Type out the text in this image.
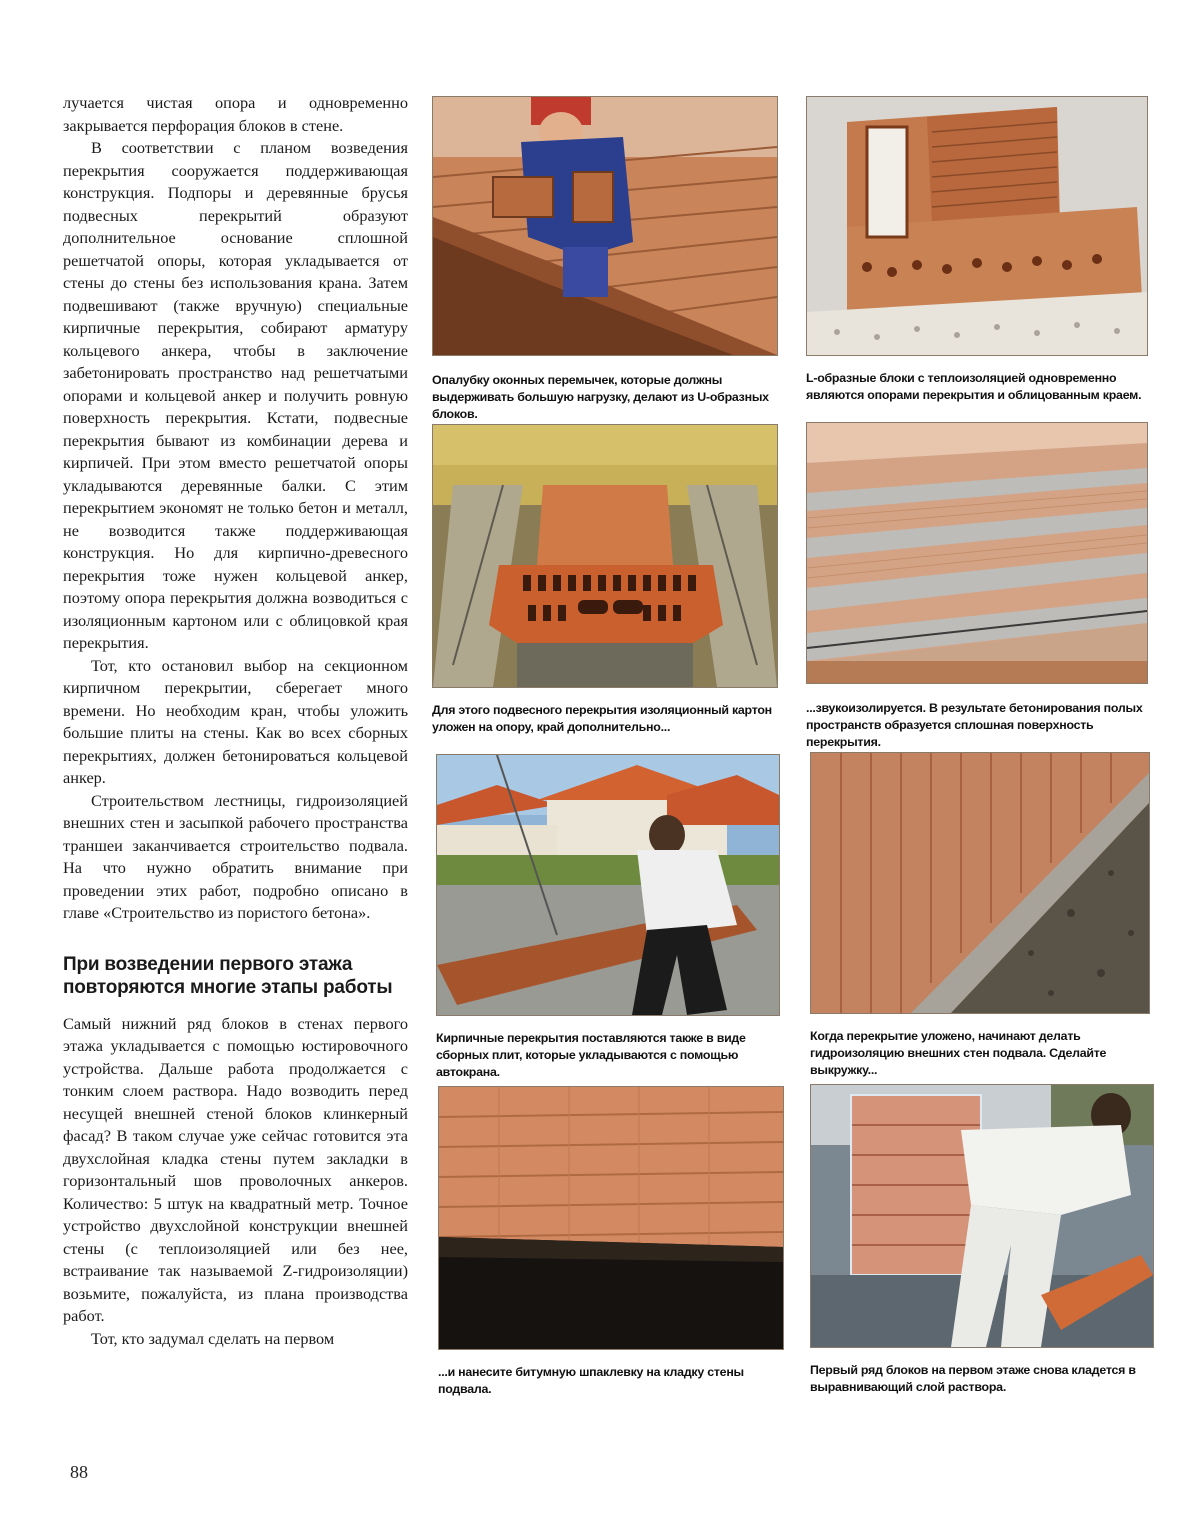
лучается чистая опора и одновременно закрывается перфорация блоков в стене.

В соответствии с планом возведения перекрытия сооружается поддерживающая конструкция. Подпоры и деревянные брусья подвесных перекрытий образуют дополнительное основание сплошной решетчатой опоры, которая укладывается от стены до стены без использования крана. Затем подвешивают (также вручную) специальные кирпичные перекрытия, собирают арматуру кольцевого анкера, чтобы в заключение забетонировать пространство над решетчатыми опорами и кольцевой анкер и получить ровную поверхность перекрытия. Кстати, подвесные перекрытия бывают из комбинации дерева и кирпичей. При этом вместо решетчатой опоры укладываются деревянные балки. С этим перекрытием экономят не только бетон и металл, не возводится также поддерживающая конструкция. Но для кирпично-древесного перекрытия тоже нужен кольцевой анкер, поэтому опора перекрытия должна возводиться с изоляционным картоном или с облицовкой края перекрытия.

Тот, кто остановил выбор на секционном кирпичном перекрытии, сберегает много времени. Но необходим кран, чтобы уложить большие плиты на стены. Как во всех сборных перекрытиях, должен бетонироваться кольцевой анкер.

Строительством лестницы, гидроизоляцией внешних стен и засыпкой рабочего пространства траншеи заканчивается строительство подвала. На что нужно обратить внимание при проведении этих работ, подробно описано в главе «Строительство из пористого бетона».

При возведении первого этажа повторяются многие этапы работы

Самый нижний ряд блоков в стенах первого этажа укладывается с помощью юстировочного устройства. Дальше работа продолжается с тонким слоем раствора. Надо возводить перед несущей внешней стеной блоков клинкерный фасад? В таком случае уже сейчас готовится эта двухслойная кладка стены путем закладки в горизонтальный шов проволочных анкеров. Количество: 5 штук на квадратный метр. Точное устройство двухслойной конструкции внешней стены (с теплоизоляцией или без нее, встраивание так называемой Z-гидроизоляции) возьмите, пожалуйста, из плана производства работ.

Тот, кто задумал сделать на первом

Опалубку оконных перемычек, которые должны выдерживать большую нагрузку, делают из U-образных блоков.
L-образные блоки с теплоизоляцией одновременно являются опорами перекрытия и облицованным краем.
Для этого подвесного перекрытия изоляционный картон уложен на опору, край дополнительно...
...звукоизолируется. В результате бетонирования полых пространств образуется сплошная поверхность перекрытия.
Кирпичные перекрытия поставляются также в виде сборных плит, которые укладываются с помощью автокрана.
Когда перекрытие уложено, начинают делать гидроизоляцию внешних стен подвала. Сделайте выкружку...
...и нанесите битумную шпаклевку на кладку стены подвала.
Первый ряд блоков на первом этаже снова кладется в выравнивающий слой раствора.
88
